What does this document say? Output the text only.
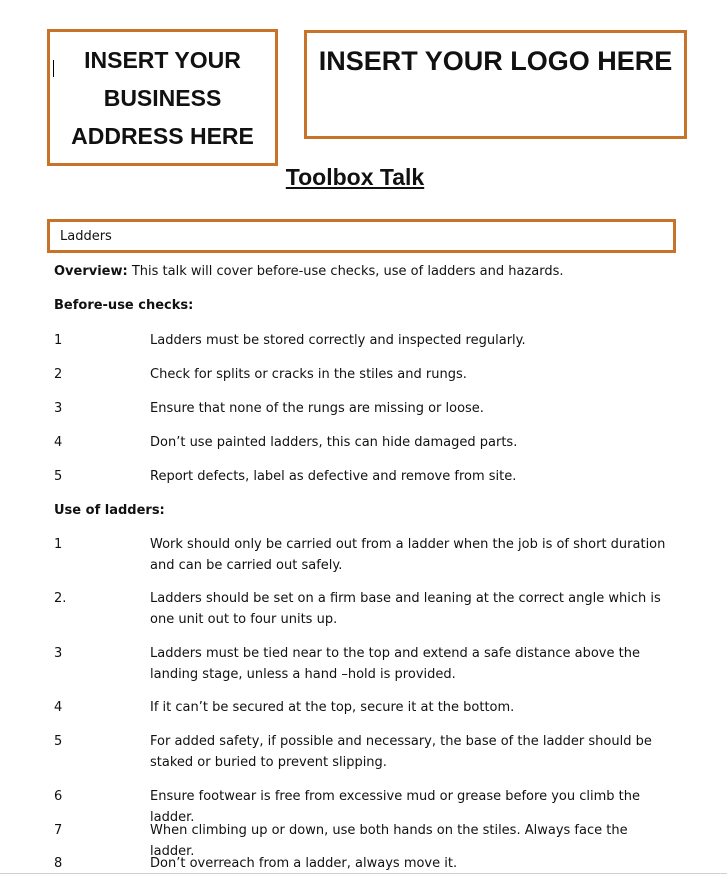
INSERT YOUR
BUSINESS
ADDRESS HERE
INSERT YOUR LOGO HERE
Toolbox Talk
Ladders
Overview: This talk will cover before-use checks, use of ladders and hazards.
Before-use checks:
1	Ladders must be stored correctly and inspected regularly.
2	Check for splits or cracks in the stiles and rungs.
3	Ensure that none of the rungs are missing or loose.
4	Don’t use painted ladders, this can hide damaged parts.
5	Report defects, label as defective and remove from site.
Use of ladders:
1	Work should only be carried out from a ladder when the job is of short duration and can be carried out safely.
2.	Ladders should be set on a firm base and leaning at the correct angle which is one unit out to four units up.
3	Ladders must be tied near to the top and extend a safe distance above the landing stage, unless a hand –hold is provided.
4	If it can’t be secured at the top, secure it at the bottom.
5	For added safety, if possible and necessary, the base of the ladder should be staked or buried to prevent slipping.
6	Ensure footwear is free from excessive mud or grease before you climb the ladder.
7	When climbing up or down, use both hands on the stiles. Always face the ladder.
8	Don’t overreach from a ladder, always move it.
